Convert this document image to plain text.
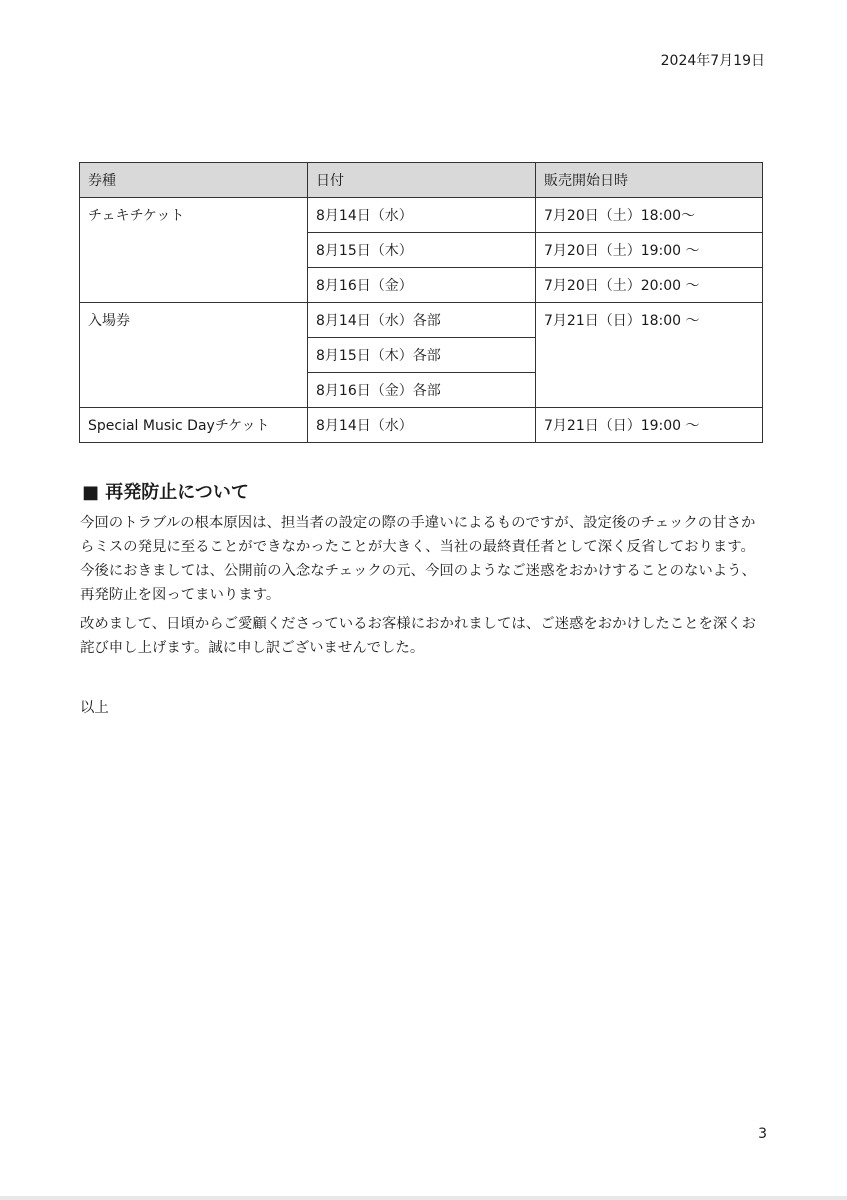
2024年7月19日
券種	日付	販売開始日時
チェキチケット	8月14日（水）	7月20日（土）18:00〜
	8月15日（木）	7月20日（土）19:00 〜
	8月16日（金）	7月20日（土）20:00 〜
入場券	8月14日（水）各部	7月21日（日）18:00 〜
	8月15日（木）各部	
	8月16日（金）各部	
Special Music Dayチケット	8月14日（水）	7月21日（日）19:00 〜
■ 再発防止について

今回のトラブルの根本原因は、担当者の設定の際の手違いによるものですが、設定後のチェックの甘さからミスの発見に至ることができなかったことが大きく、当社の最終責任者として深く反省しております。今後におきましては、公開前の入念なチェックの元、今回のようなご迷惑をおかけすることのないよう、再発防止を図ってまいります。

改めまして、日頃からご愛顧くださっているお客様におかれましては、ご迷惑をおかけしたことを深くお詫び申し上げます。誠に申し訳ございませんでした。

以上

3
